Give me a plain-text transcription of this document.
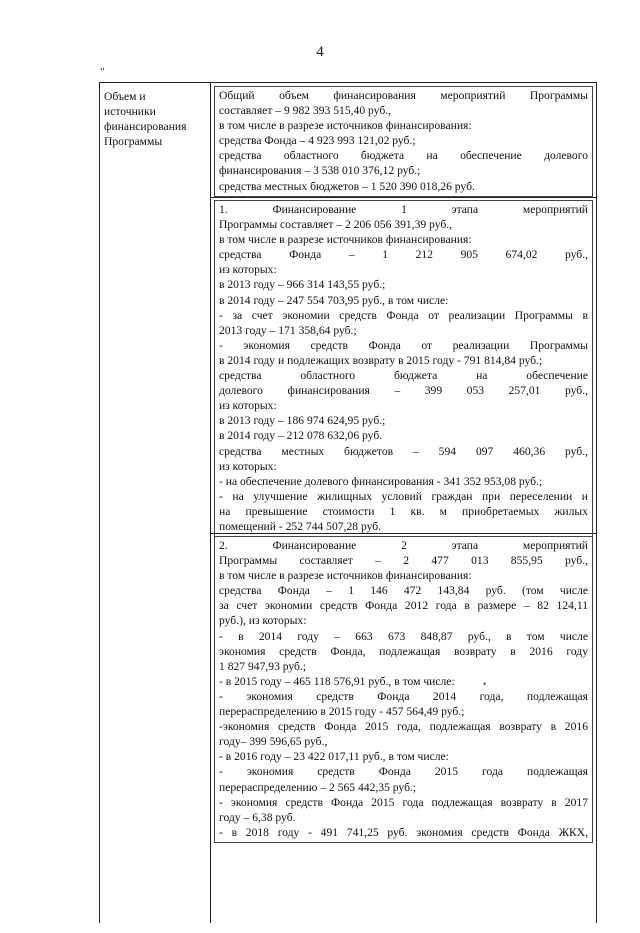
4
"
Объем и
источники
финансирования
Программы

Общий объем финансирования мероприятий Программы

составляет – 9 982 393 515,40 руб.,

в том числе в разрезе источников финансирования:

средства Фонда – 4 923 993 121,02 руб.;

средства областного бюджета на обеспечение долевого

финансирования – 3 538 010 376,12 руб.;

средства местных бюджетов – 1 520 390 018,26 руб.

1. Финансирование 1 этапа мероприятий

Программы составляет – 2 206 056 391,39 руб.,

в том числе в разрезе источников финансирования:

средства Фонда – 1 212 905 674,02 руб.,

из которых:

в 2013 году – 966 314 143,55 руб.;

в 2014 году – 247 554 703,95 руб., в том числе:

- за счет экономии средств Фонда от реализации Программы в

2013 году – 171 358,64 руб.;

- экономия средств Фонда от реализации Программы

в 2014 году и подлежащих возврату в 2015 году - 791 814,84 руб.;

средства областного бюджета на обеспечение

долевого финансирования – 399 053 257,01 руб.,

из которых:

в 2013 году – 186 974 624,95 руб.;

в 2014 году – 212 078 632,06 руб.

средства местных бюджетов – 594 097 460,36 руб.,

из которых:

- на обеспечение долевого финансирования - 341 352 953,08 руб.;

- на улучшение жилищных условий граждан при переселении и

на превышение стоимости 1 кв. м приобретаемых жилых

помещений - 252 744 507,28 руб.

2. Финансирование 2 этапа мероприятий

Программы составляет – 2 477 013 855,95 руб.,

в том числе в разрезе источников финансирования:

средства Фонда – 1 146 472 143,84 руб. (том числе

за счет экономии средств Фонда 2012 года в размере – 82 124,11

руб.), из которых:

- в 2014 году – 663 673 848,87 руб., в том числе

экономия средств Фонда, подлежащая возврату в 2016 году

1 827 947,93 руб.;

- в 2015 году – 465 118 576,91 руб., в том числе:

- экономия средств Фонда 2014 года, подлежащая

перераспределению в 2015 году - 457 564,49 руб.;

-экономия средств Фонда 2015 года, подлежащая возврату в 2016

году– 399 596,65 руб.,

- в 2016 году – 23 422 017,11 руб., в том числе:

- экономия средств Фонда 2015 года подлежащая

перераспределению – 2 565 442,35 руб.;

- экономия средств Фонда 2015 года подлежащая возврату в 2017

году – 6,38 руб.

- в 2018 году - 491 741,25 руб. экономия средств Фонда ЖКХ,

•
